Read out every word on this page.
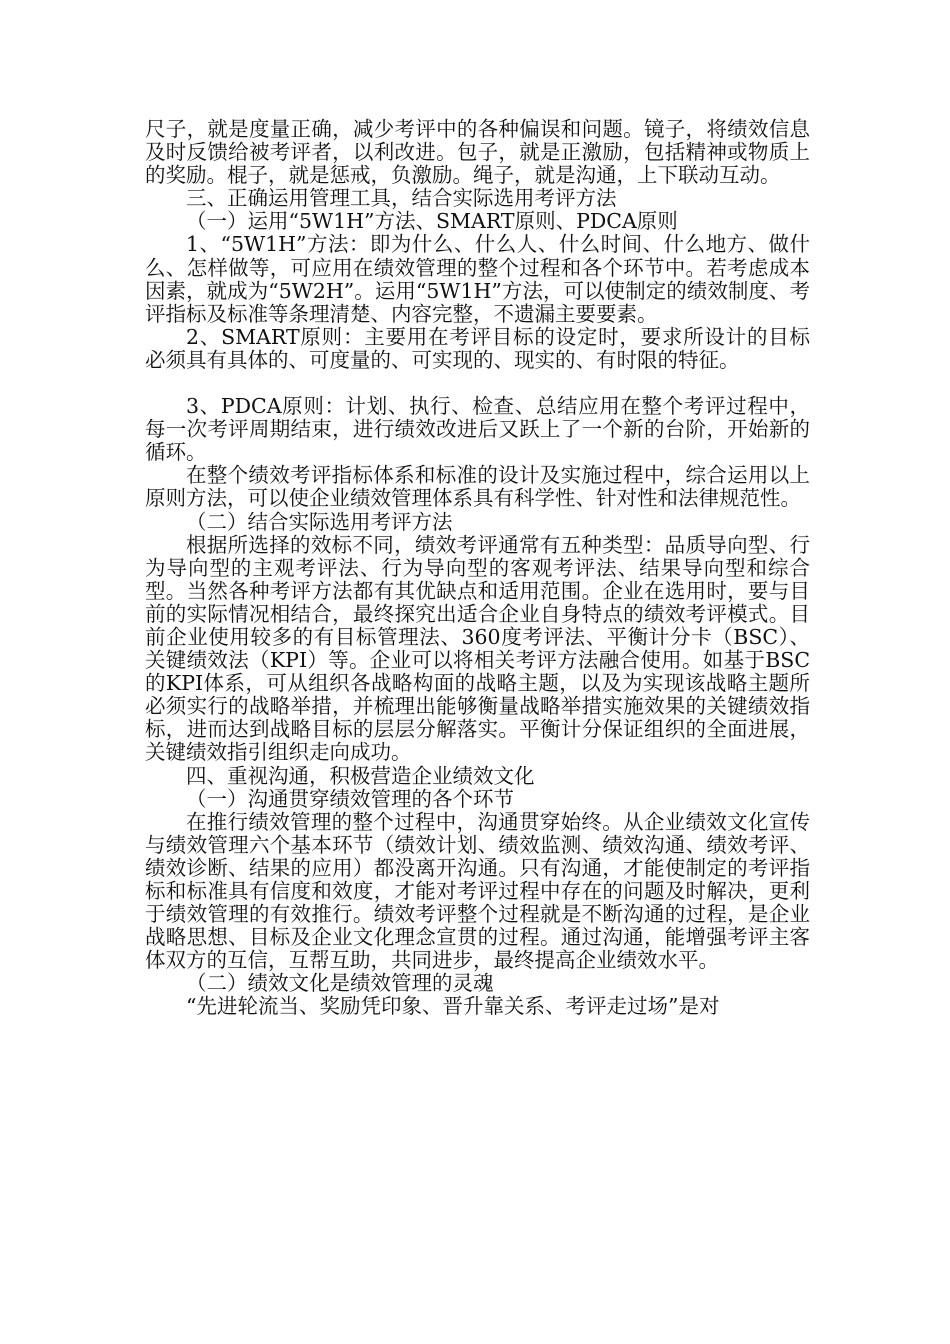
尺子，就是度量正确，减少考评中的各种偏误和问题。镜子，将绩效信息及时反馈给被考评者，以利改进。包子，就是正激励，包括精神或物质上的奖励。棍子，就是惩戒，负激励。绳子，就是沟通，上下联动互动。

三、正确运用管理工具，结合实际选用考评方法

（一）运用“5W1H”方法、SMART原则、PDCA原则

1、“5W1H”方法：即为什么、什么人、什么时间、什么地方、做什么、怎样做等，可应用在绩效管理的整个过程和各个环节中。若考虑成本因素，就成为“5W2H”。运用“5W1H”方法，可以使制定的绩效制度、考评指标及标准等条理清楚、内容完整，不遗漏主要要素。

2、SMART原则：主要用在考评目标的设定时，要求所设计的目标必须具有具体的、可度量的、可实现的、现实的、有时限的特征。

3、PDCA原则：计划、执行、检查、总结应用在整个考评过程中，每一次考评周期结束，进行绩效改进后又跃上了一个新的台阶，开始新的循环。

在整个绩效考评指标体系和标准的设计及实施过程中，综合运用以上原则方法，可以使企业绩效管理体系具有科学性、针对性和法律规范性。

（二）结合实际选用考评方法

根据所选择的效标不同，绩效考评通常有五种类型：品质导向型、行为导向型的主观考评法、行为导向型的客观考评法、结果导向型和综合型。当然各种考评方法都有其优缺点和适用范围。企业在选用时，要与目前的实际情况相结合，最终探究出适合企业自身特点的绩效考评模式。目前企业使用较多的有目标管理法、360度考评法、平衡计分卡（BSC）、关键绩效法（KPI）等。企业可以将相关考评方法融合使用。如基于BSC的KPI体系，可从组织各战略构面的战略主题，以及为实现该战略主题所必须实行的战略举措，并梳理出能够衡量战略举措实施效果的关键绩效指标，进而达到战略目标的层层分解落实。平衡计分保证组织的全面进展，关键绩效指引组织走向成功。

四、重视沟通，积极营造企业绩效文化

（一）沟通贯穿绩效管理的各个环节

在推行绩效管理的整个过程中，沟通贯穿始终。从企业绩效文化宣传与绩效管理六个基本环节（绩效计划、绩效监测、绩效沟通、绩效考评、绩效诊断、结果的应用）都没离开沟通。只有沟通，才能使制定的考评指标和标准具有信度和效度，才能对考评过程中存在的问题及时解决，更利于绩效管理的有效推行。绩效考评整个过程就是不断沟通的过程，是企业战略思想、目标及企业文化理念宣贯的过程。通过沟通，能增强考评主客体双方的互信，互帮互助，共同进步，最终提高企业绩效水平。

（二）绩效文化是绩效管理的灵魂

“先进轮流当、奖励凭印象、晋升靠关系、考评走过场”是对
